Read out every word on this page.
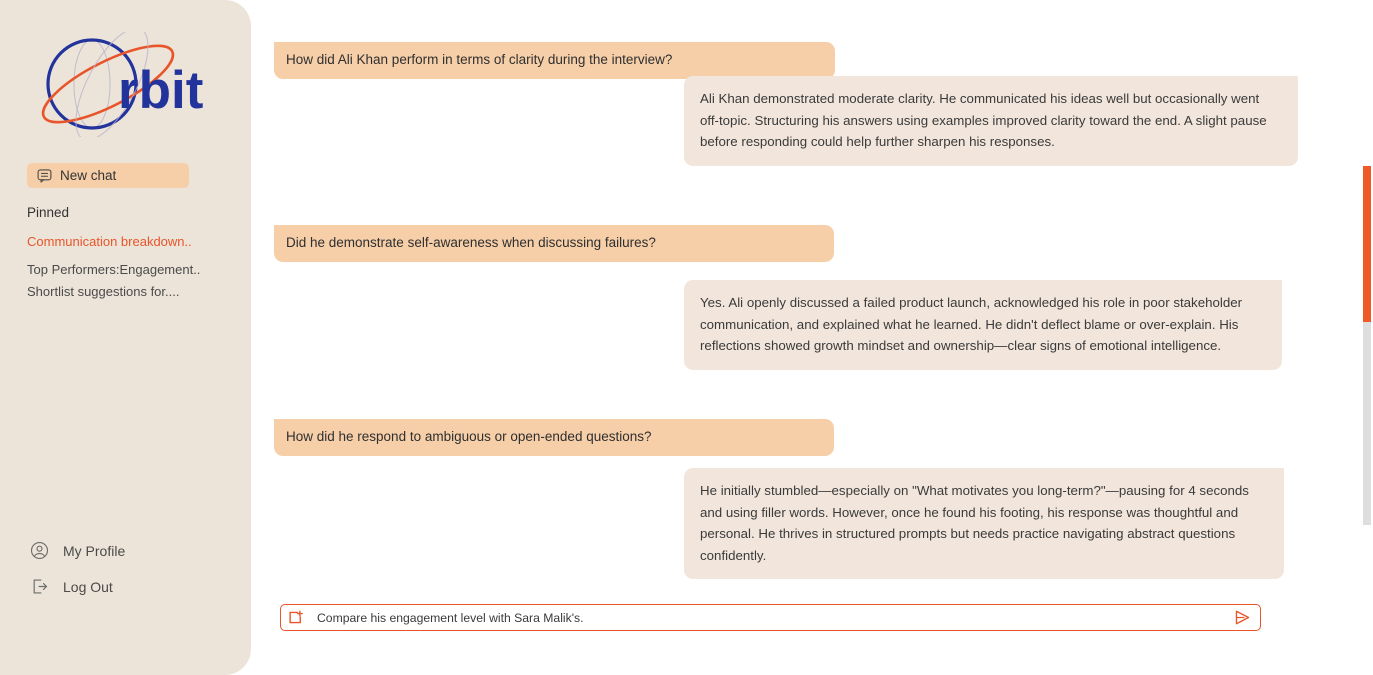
rbit
New chat
Pinned
Communication breakdown..
Top Performers:Engagement..
Shortlist suggestions for....
My Profile
Log Out
How did Ali Khan perform in terms of clarity during the interview?
Ali Khan demonstrated moderate clarity. He communicated his ideas well but occasionally went off-topic. Structuring his answers using examples improved clarity toward the end. A slight pause before responding could help further sharpen his responses.
Did he demonstrate self-awareness when discussing failures?
Yes. Ali openly discussed a failed product launch, acknowledged his role in poor stakeholder communication, and explained what he learned. He didn't deflect blame or over-explain. His reflections showed growth mindset and ownership—clear signs of emotional intelligence.
How did he respond to ambiguous or open-ended questions?
He initially stumbled—especially on "What motivates you long-term?"—pausing for 4 seconds and using filler words. However, once he found his footing, his response was thoughtful and personal. He thrives in structured prompts but needs practice navigating abstract questions confidently.
Compare his engagement level with Sara Malik's.
